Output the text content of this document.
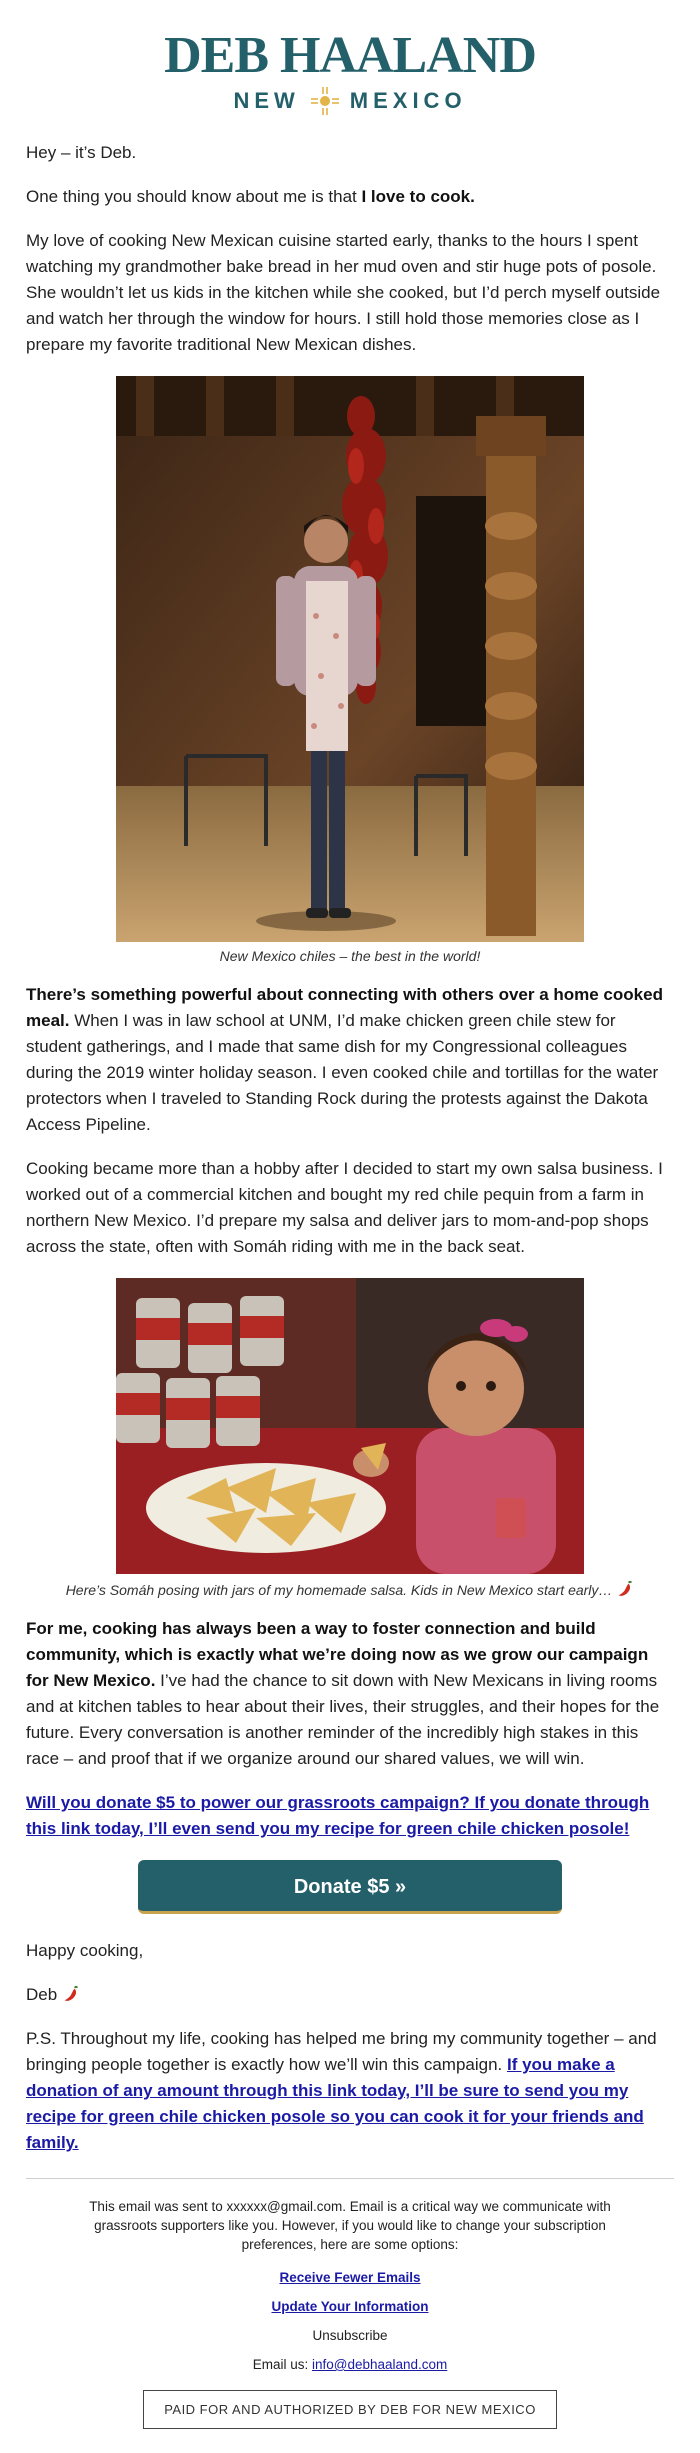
DEB HAALAND
NEW MEXICO

Hey – it’s Deb.

One thing you should know about me is that I love to cook.

My love of cooking New Mexican cuisine started early, thanks to the hours I spent watching my grandmother bake bread in her mud oven and stir huge pots of posole. She wouldn’t let us kids in the kitchen while she cooked, but I’d perch myself outside and watch her through the window for hours. I still hold those memories close as I prepare my favorite traditional New Mexican dishes.

New Mexico chiles – the best in the world!

There’s something powerful about connecting with others over a home cooked meal. When I was in law school at UNM, I’d make chicken green chile stew for student gatherings, and I made that same dish for my Congressional colleagues during the 2019 winter holiday season. I even cooked chile and tortillas for the water protectors when I traveled to Standing Rock during the protests against the Dakota Access Pipeline.

Cooking became more than a hobby after I decided to start my own salsa business. I worked out of a commercial kitchen and bought my red chile pequin from a farm in northern New Mexico. I’d prepare my salsa and deliver jars to mom-and-pop shops across the state, often with Somáh riding with me in the back seat.

Here’s Somáh posing with jars of my homemade salsa. Kids in New Mexico start early…

For me, cooking has always been a way to foster connection and build community, which is exactly what we’re doing now as we grow our campaign for New Mexico. I’ve had the chance to sit down with New Mexicans in living rooms and at kitchen tables to hear about their lives, their struggles, and their hopes for the future. Every conversation is another reminder of the incredibly high stakes in this race – and proof that if we organize around our shared values, we will win.

Will you donate $5 to power our grassroots campaign? If you donate through this link today, I’ll even send you my recipe for green chile chicken posole!

Donate $5 »

Happy cooking,

Deb

P.S. Throughout my life, cooking has helped me bring my community together – and bringing people together is exactly how we’ll win this campaign. If you make a donation of any amount through this link today, I’ll be sure to send you my recipe for green chile chicken posole so you can cook it for your friends and family.

This email was sent to xxxxxx@gmail.com. Email is a critical way we communicate with grassroots supporters like you. However, if you would like to change your subscription preferences, here are some options:
Receive Fewer Emails
Update Your Information
Unsubscribe
Email us: info@debhaaland.com
PAID FOR AND AUTHORIZED BY DEB FOR NEW MEXICO
